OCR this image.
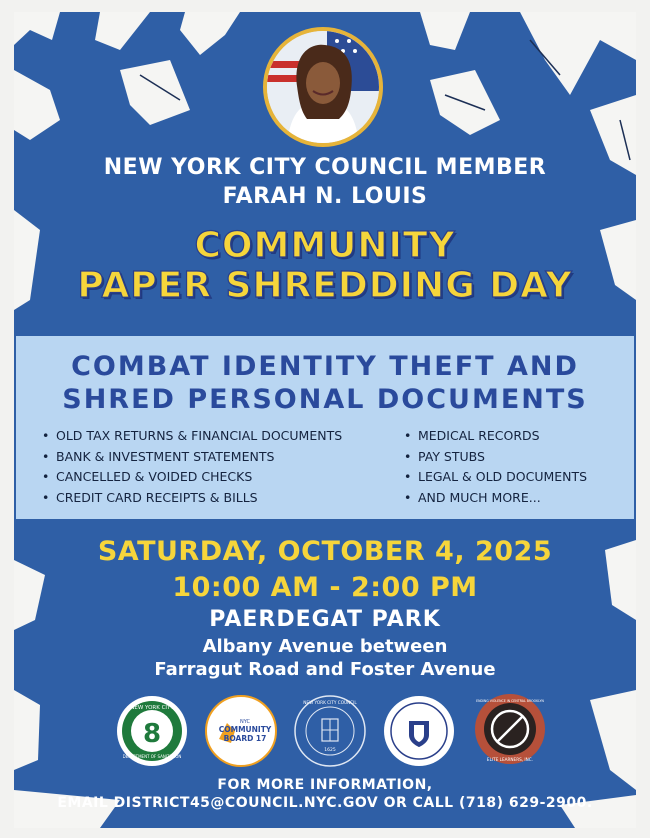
NEW YORK CITY COUNCIL MEMBER
FARAH N. LOUIS
COMMUNITY
PAPER SHREDDING DAY
COMBAT IDENTITY THEFT AND
SHRED PERSONAL DOCUMENTS
• OLD TAX RETURNS & FINANCIAL DOCUMENTS
• BANK & INVESTMENT STATEMENTS
• CANCELLED & VOIDED CHECKS
• CREDIT CARD RECEIPTS & BILLS
• MEDICAL RECORDS
• PAY STUBS
• LEGAL & OLD DOCUMENTS
• AND MUCH MORE...
SATURDAY, OCTOBER 4, 2025
10:00 AM - 2:00 PM
PAERDEGAT PARK
Albany Avenue between
Farragut Road and Foster Avenue
8
NEW YORK CITY
DEPARTMENT OF SANITATION
NYC
COMMUNITY
BOARD 17
NEW YORK CITY COUNCIL
1625
ENDING VIOLENCE IN CENTRAL BROOKLYN
ELITE LEARNERS, INC.
FOR MORE INFORMATION,
EMAIL DISTRICT45@COUNCIL.NYC.GOV OR CALL (718) 629-2900.
